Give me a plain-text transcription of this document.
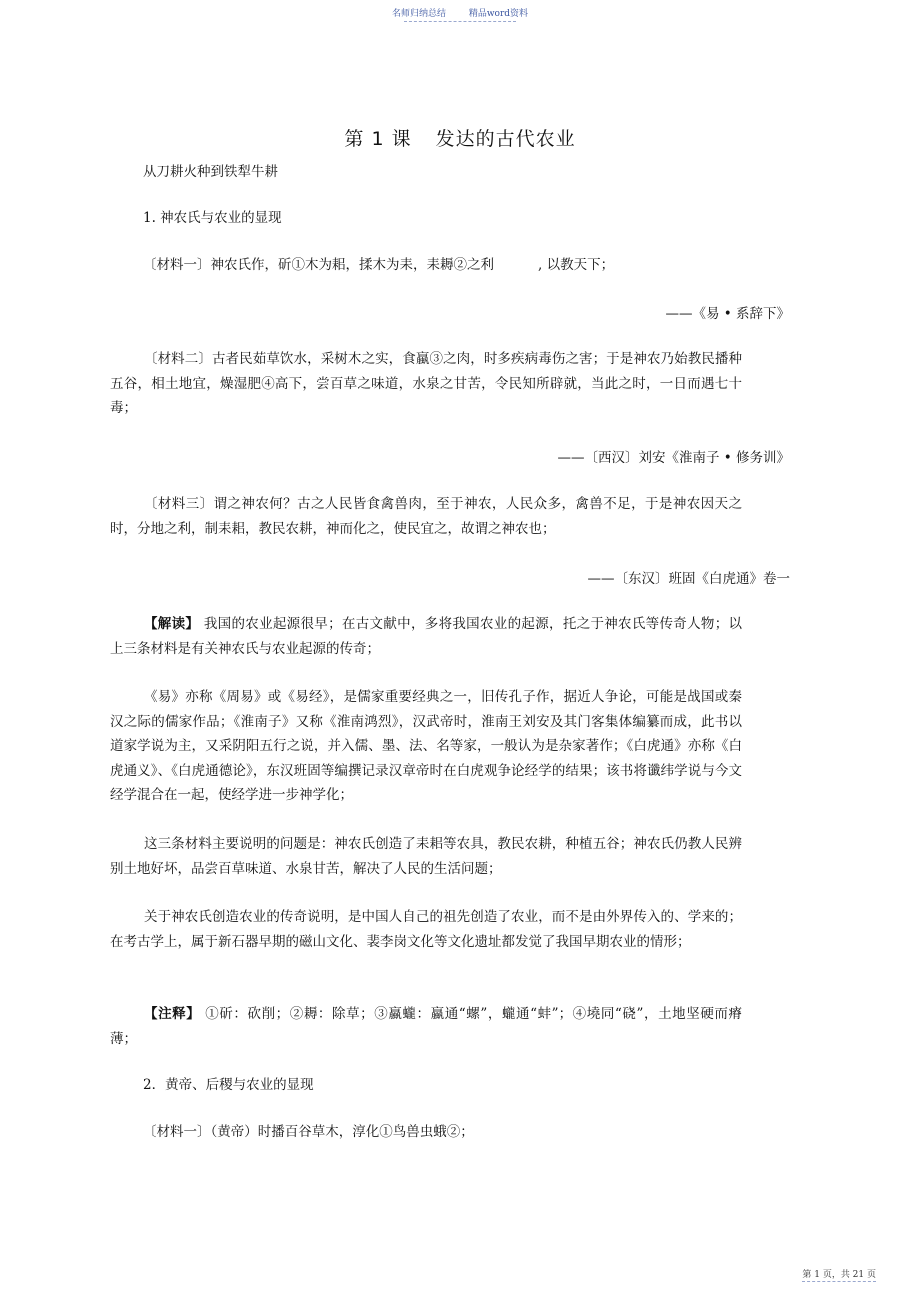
名师归纳总结	精品word资料
第 1 课 发达的古代农业
从刀耕火种到铁犁牛耕
1. 神农氏与农业的显现
〔材料一〕神农氏作，斫①木为耜，揉木为耒，耒耨②之利	, 以教天下；
——《易 • 系辞下》
〔材料二〕古者民茹草饮水，采树木之实，食蠃③之肉，时多疾病毒伤之害；于是神农乃始教民播种五谷，相土地宜，燥湿肥④高下，尝百草之味道，水泉之甘苦，令民知所辟就，当此之时，一日而遇七十毒；
——〔西汉〕刘安《淮南子 • 修务训》
〔材料三〕谓之神农何？古之人民皆食禽兽肉，至于神农，人民众多，禽兽不足，于是神农因天之时，分地之利，制耒耜，教民农耕，神而化之，使民宜之，故谓之神农也；
——〔东汉〕班固《白虎通》卷一
【解读】 我国的农业起源很早；在古文献中，多将我国农业的起源，托之于神农氏等传奇人物；以上三条材料是有关神农氏与农业起源的传奇；
《易》亦称《周易》或《易经》，是儒家重要经典之一，旧传孔子作，据近人争论，可能是战国或秦汉之际的儒家作品；《淮南子》又称《淮南鸿烈》，汉武帝时，淮南王刘安及其门客集体编纂而成，此书以道家学说为主，又采阴阳五行之说，并入儒、墨、法、名等家，一般认为是杂家著作；《白虎通》亦称《白虎通义》、《白虎通德论》，东汉班固等编撰记录汉章帝时在白虎观争论经学的结果；该书将谶纬学说与今文经学混合在一起，使经学进一步神学化；
这三条材料主要说明的问题是：神农氏创造了耒耜等农具，教民农耕，种植五谷；神农氏仍教人民辨别土地好坏，品尝百草味道、水泉甘苦，解决了人民的生活问题；
关于神农氏创造农业的传奇说明，是中国人自己的祖先创造了农业，而不是由外界传入的、学来的；在考古学上，属于新石器早期的磁山文化、裴李岗文化等文化遗址都发觉了我国早期农业的情形；
【注释】 ①斫：砍削；②耨：除草；③蠃蠬：蠃通“螺”，蠬通“蚌”；④墝同“硗”，土地坚硬而瘠薄；
2．黄帝、后稷与农业的显现
〔材料一〕（黄帝）时播百谷草木，淳化①鸟兽虫蛾②；
第 1 页，共 21 页
